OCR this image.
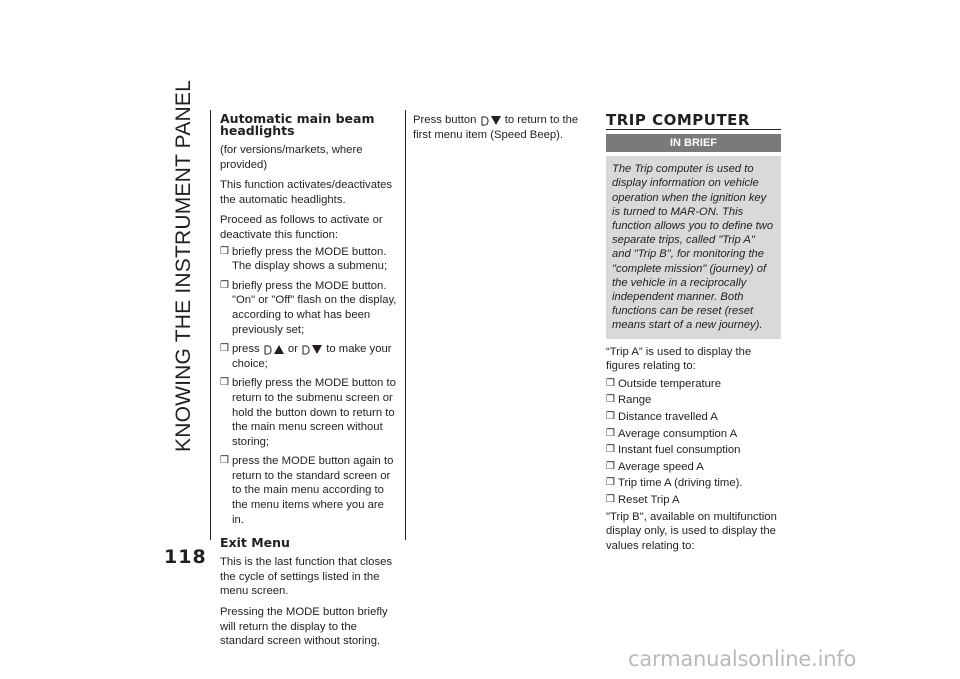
KNOWING THE INSTRUMENT PANEL
118

Automatic main beam headlights

(for versions/markets, where provided)

This function activates/deactivates the automatic headlights.

Proceed as follows to activate or deactivate this function:

❒ briefly press the MODE button. The display shows a submenu;
❒ briefly press the MODE button. "On" or "Off" flash on the display, according to what has been previously set;
❒ press	or	to make your choice;
❒ briefly press the MODE button to return to the submenu screen or hold the button down to return to the main menu screen without storing;
❒ press the MODE button again to return to the standard screen or to the main menu according to the menu items where you are in.

Exit Menu

This is the last function that closes the cycle of settings listed in the menu screen.

Pressing the MODE button briefly will return the display to the standard screen without storing.

Press button	to return to the first menu item (Speed Beep).

TRIP COMPUTER
IN BRIEF
The Trip computer is used to display information on vehicle operation when the ignition key is turned to MAR-ON. This function allows you to define two separate trips, called "Trip A" and "Trip B", for monitoring the "complete mission" (journey) of the vehicle in a reciprocally independent manner. Both functions can be reset (reset means start of a new journey).

“Trip A” is used to display the figures relating to:

❒ Outside temperature
❒ Range
❒ Distance travelled A
❒ Average consumption A
❒ Instant fuel consumption
❒ Average speed A
❒ Trip time A (driving time).
❒ Reset Trip A

"Trip B", available on multifunction display only, is used to display the values relating to:

carmanualsonline.info
